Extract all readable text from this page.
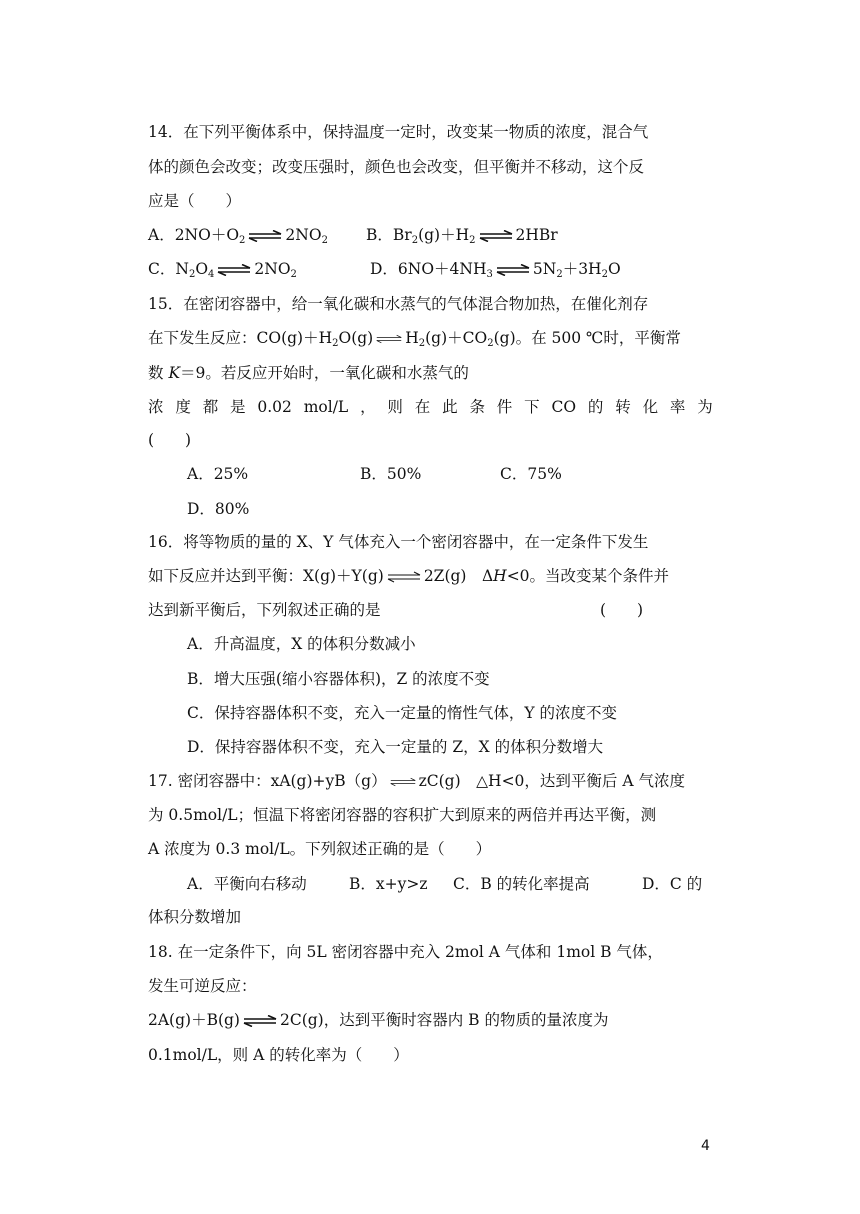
14．在下列平衡体系中，保持温度一定时，改变某一物质的浓度，混合气
体的颜色会改变；改变压强时，颜色也会改变，但平衡并不移动，这个反
应是（　　）
A．$2NO+O_2$	$2NO_2$ B．$Br_2(g)+H_2$	2HBr
C．$N_2O_4$	$2NO_2$	D．$6NO+4NH_3$	$5N_2+3H_2O$
15．在密闭容器中，给一氧化碳和水蒸气的气体混合物加热，在催化剂存
在下发生反应：$CO(g)+H_2O(g)$ $H_2(g)+CO_2(g)$。在 500 ℃时，平衡常
数 K＝9。若反应开始时，一氧化碳和水蒸气的
浓 度 都 是 0.02 mol/L ， 则 在 此 条 件 下 CO 的 转 化 率 为
(　　)
A．25%	B．50%	C．75%
D．80%
16．将等物质的量的 X、Y 气体充入一个密闭容器中，在一定条件下发生
如下反应并达到平衡：X(g)＋Y(g)	2Z(g)　ΔH<0。当改变某个条件并
达到新平衡后，下列叙述正确的是	(　　)
A．升高温度，X 的体积分数减小
B．增大压强(缩小容器体积)，Z 的浓度不变
C．保持容器体积不变，充入一定量的惰性气体，Y 的浓度不变
D．保持容器体积不变，充入一定量的 Z，X 的体积分数增大
17. 密闭容器中：xA(g)+yB（g） zC(g)　△H<0，达到平衡后 A 气浓度
为 0.5mol/L；恒温下将密闭容器的容积扩大到原来的两倍并再达平衡，测
A 浓度为 0.3 mol/L。下列叙述正确的是（　　）
A．平衡向右移动	B．x+y>z C．B 的转化率提高	D．C 的
体积分数增加
18. 在一定条件下，向 5L 密闭容器中充入 2mol A 气体和 1mol B 气体，
发生可逆反应：
2A(g)＋B(g)	2C(g)，达到平衡时容器内 B 的物质的量浓度为
0.1mol/L，则 A 的转化率为（　　）
4
